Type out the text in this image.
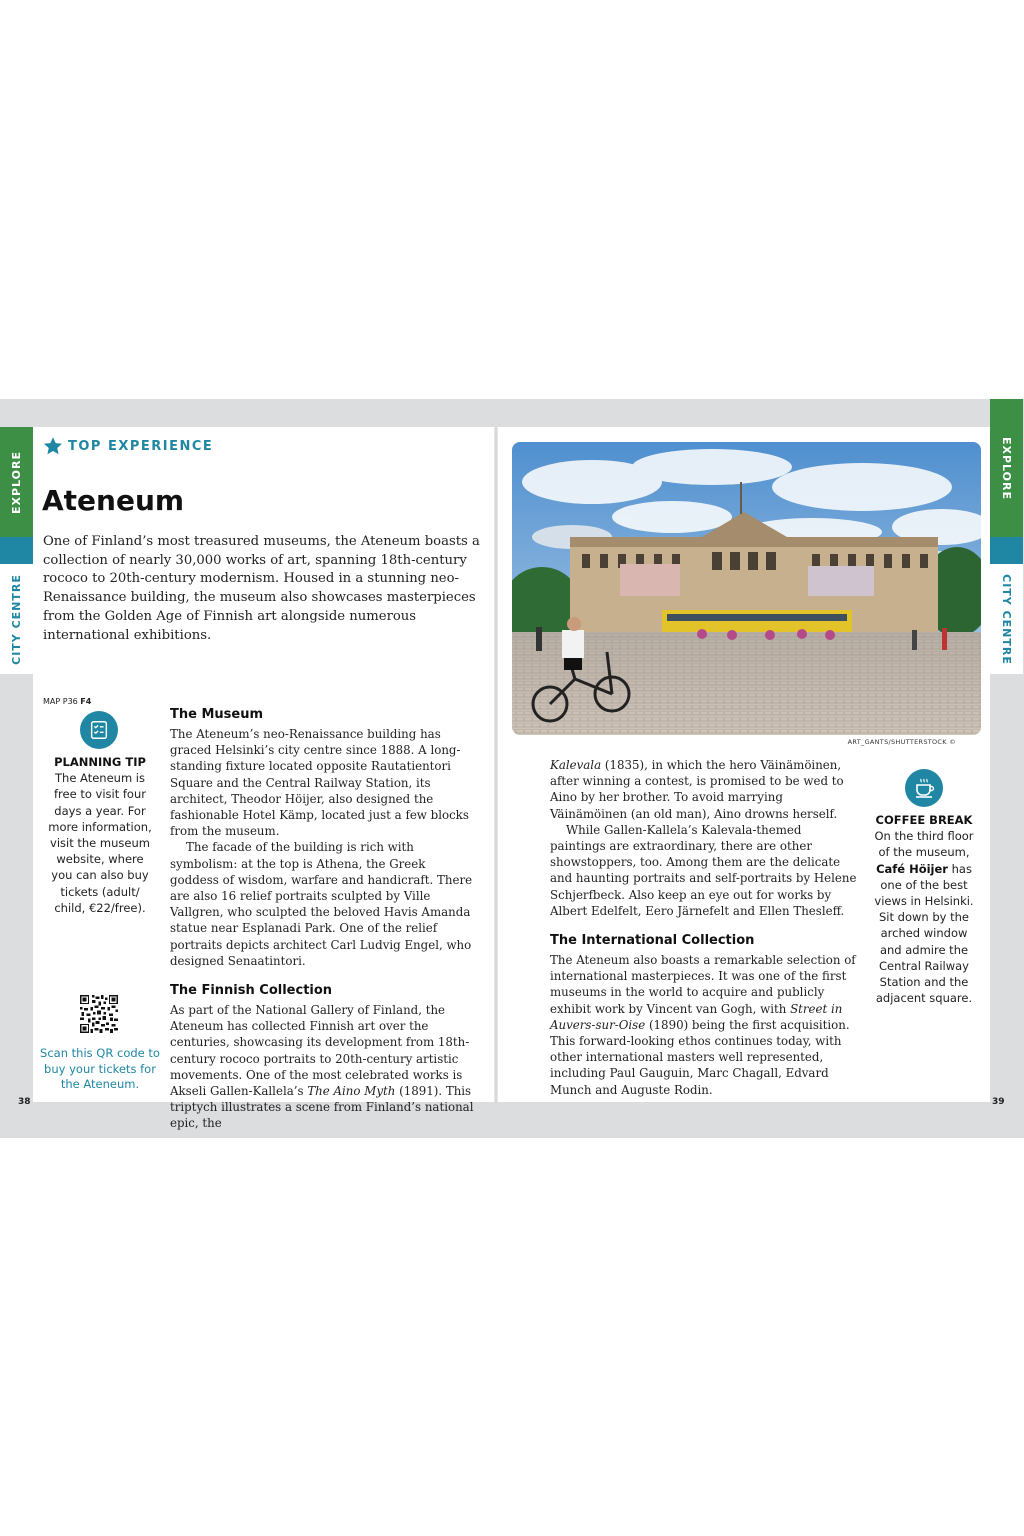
EXPLORE
CITY CENTRE
EXPLORE
CITY CENTRE
TOP EXPERIENCE
Ateneum

One of Finland’s most treasured museums, the Ateneum boasts a collection of nearly 30,000 works of art, spanning 18th-century rococo to 20th-century modernism. Housed in a stunning neo-Renaissance building, the museum also showcases masterpieces from the Golden Age of Finnish art alongside numerous international exhibitions.

MAP P36 F4
PLANNING TIP
The Ateneum is free to visit four days a year. For more information, visit the museum website, where you can also buy tickets (adult/ child, €22/free).
Scan this QR code to buy your tickets for the Ateneum.
The Museum

The Ateneum’s neo-Renaissance building has graced Helsinki’s city centre since 1888. A long-standing fixture located opposite Rautatientori Square and the Central Railway Station, its architect, Theodor Höijer, also designed the fashionable Hotel Kämp, located just a few blocks from the museum.

The facade of the building is rich with symbolism: at the top is Athena, the Greek goddess of wisdom, warfare and handicraft. There are also 16 relief portraits sculpted by Ville Vallgren, who sculpted the beloved Havis Amanda statue near Esplanadi Park. One of the relief portraits depicts architect Carl Ludvig Engel, who designed Senaatintori.

The Finnish Collection

As part of the National Gallery of Finland, the Ateneum has collected Finnish art over the centuries, showcasing its development from 18th-century rococo portraits to 20th-century artistic movements. One of the most celebrated works is Akseli Gallen-Kallela’s The Aino Myth (1891). This triptych illustrates a scene from Finland’s national epic, the

ART_GANTS/SHUTTERSTOCK ©

Kalevala (1835), in which the hero Väinämöinen, after winning a contest, is promised to be wed to Aino by her brother. To avoid marrying Väinämöinen (an old man), Aino drowns herself.

While Gallen-Kallela’s Kalevala-themed paintings are extraordinary, there are other showstoppers, too. Among them are the delicate and haunting portraits and self-portraits by Helene Schjerfbeck. Also keep an eye out for works by Albert Edelfelt, Eero Järnefelt and Ellen Thesleff.

The International Collection

The Ateneum also boasts a remarkable selection of international masterpieces. It was one of the first museums in the world to acquire and publicly exhibit work by Vincent van Gogh, with Street in Auvers-sur-Oise (1890) being the first acquisition. This forward-looking ethos continues today, with other international masters well represented, including Paul Gauguin, Marc Chagall, Edvard Munch and Auguste Rodin.

COFFEE BREAK
On the third floor of the museum, Café Höijer has one of the best views in Helsinki. Sit down by the arched window and admire the Central Railway Station and the adjacent square.
38	39
